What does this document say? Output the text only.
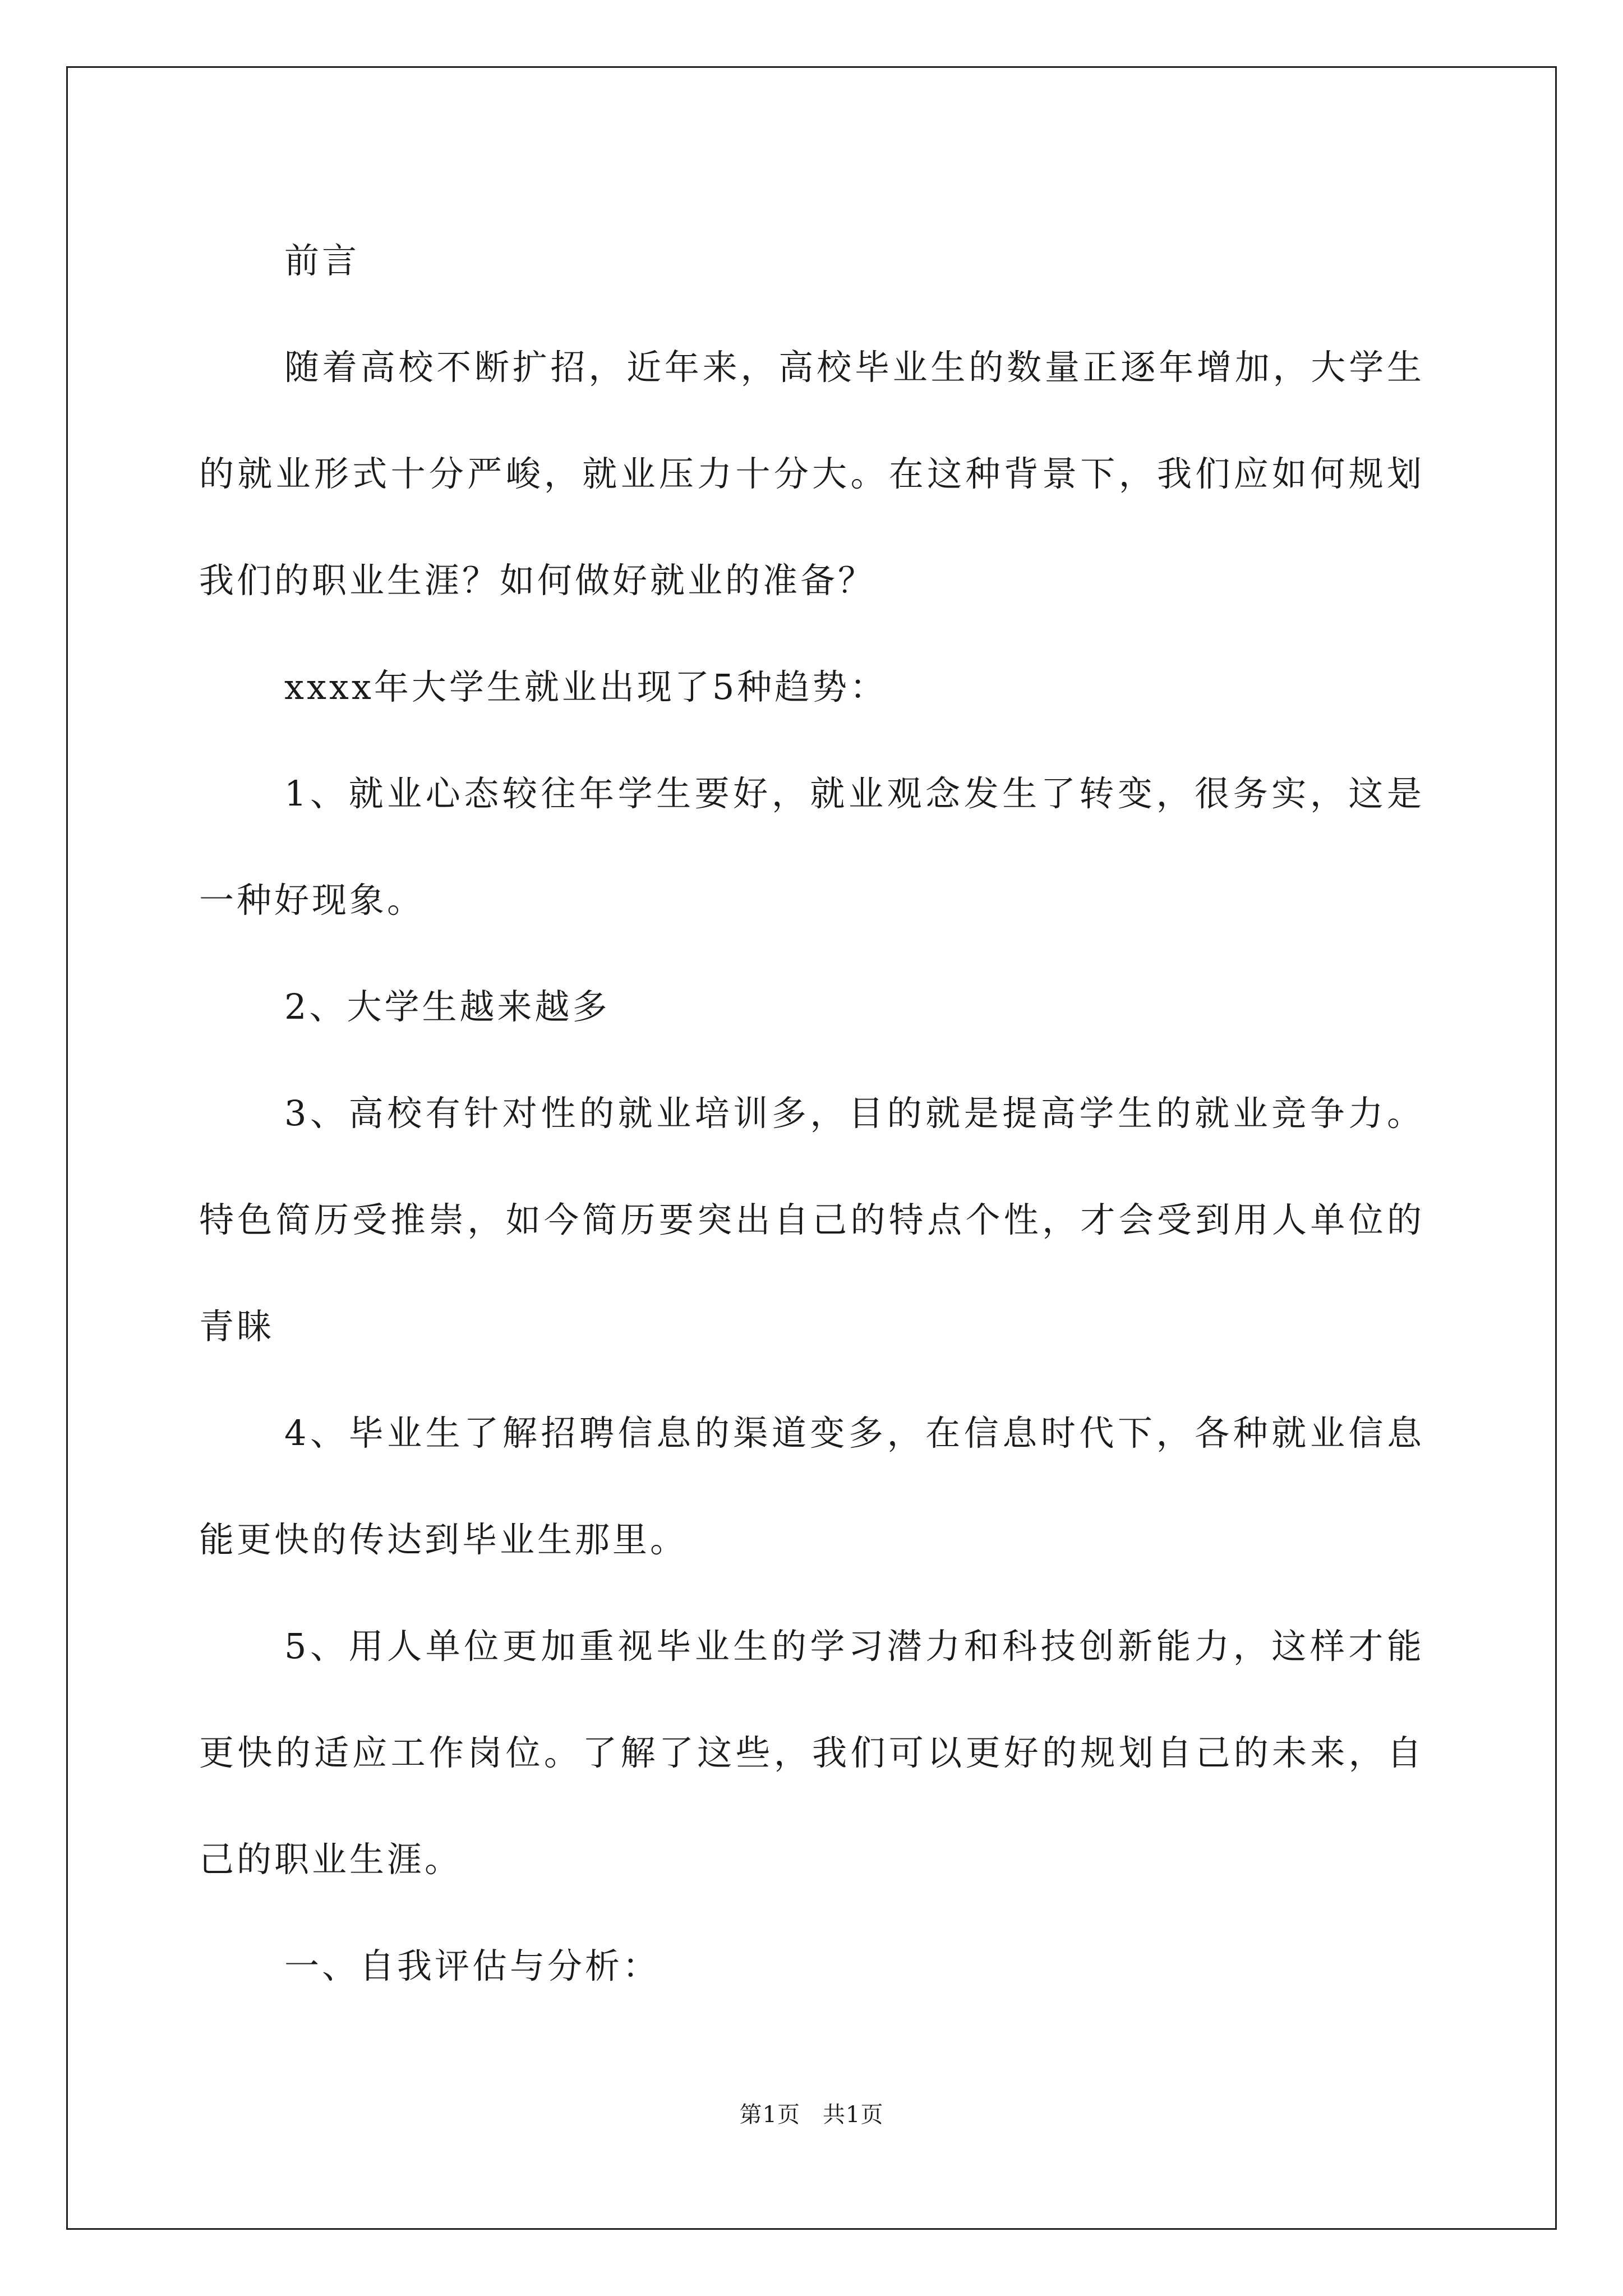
前言

随着高校不断扩招，近年来，高校毕业生的数量正逐年增加，大学生的就业形式十分严峻，就业压力十分大。在这种背景下，我们应如何规划我们的职业生涯？如何做好就业的准备？

xxxx年大学生就业出现了5种趋势：

1、就业心态较往年学生要好，就业观念发生了转变，很务实，这是一种好现象。

2、大学生越来越多

3、高校有针对性的就业培训多，目的就是提高学生的就业竞争力。特色简历受推崇，如今简历要突出自己的特点个性，才会受到用人单位的青睐

4、毕业生了解招聘信息的渠道变多，在信息时代下，各种就业信息能更快的传达到毕业生那里。

5、用人单位更加重视毕业生的学习潜力和科技创新能力，这样才能更快的适应工作岗位。了解了这些，我们可以更好的规划自己的未来，自己的职业生涯。

一、自我评估与分析：

第1页 共1页
